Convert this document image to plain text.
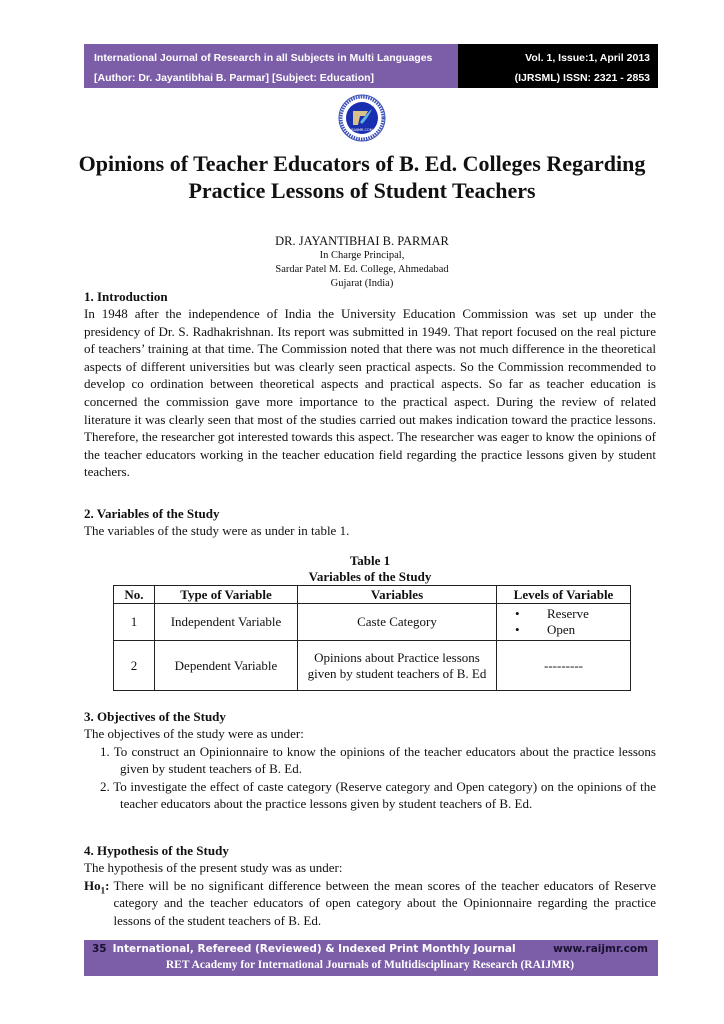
International Journal of Research in all Subjects in Multi Languages
[Author: Dr. Jayantibhai B. Parmar] [Subject: Education]
Vol. 1, Issue:1, April 2013
(IJRSML) ISSN: 2321 - 2853
RAIJMR.COM
Opinions of Teacher Educators of B. Ed. Colleges Regarding
Practice Lessons of Student Teachers
DR. JAYANTIBHAI B. PARMAR
In Charge Principal,
Sardar Patel M. Ed. College, Ahmedabad
Gujarat (India)
1. Introduction

In 1948 after the independence of India the University Education Commission was set up under the presidency of Dr. S. Radhakrishnan. Its report was submitted in 1949. That report focused on the real picture of teachers’ training at that time. The Commission noted that there was not much difference in the theoretical aspects of different universities but was clearly seen practical aspects. So the Commission recommended to develop co ordination between theoretical aspects and practical aspects. So far as teacher education is concerned the commission gave more importance to the practical aspect. During the review of related literature it was clearly seen that most of the studies carried out makes indication toward the practice lessons. Therefore, the researcher got interested towards this aspect. The researcher was eager to know the opinions of the teacher educators working in the teacher education field regarding the practice lessons given by student teachers.

2. Variables of the Study

The variables of the study were as under in table 1.

Table 1
Variables of the Study
No.	Type of Variable	Variables	Levels of Variable
1	Independent Variable	Caste Category	
• Reserve
• Open

2	Dependent Variable	Opinions about Practice lessons given by student teachers of B. Ed	---------
3. Objectives of the Study

The objectives of the study were as under:

1. To construct an Opinionnaire to know the opinions of the teacher educators about the practice lessons given by student teachers of B. Ed.
2. To investigate the effect of caste category (Reserve category and Open category) on the opinions of the teacher educators about the practice lessons given by student teachers of B. Ed.
4. Hypothesis of the Study

The hypothesis of the present study was as under:

$Ho_1$: There will be no significant difference between the mean scores of the teacher educators of Reserve category and the teacher educators of open category about the Opinionnaire regarding the practice lessons of the student teachers of B. Ed.
35 International, Refereed (Reviewed) & Indexed Print Monthly Journal	www.raijmr.com
RET Academy for International Journals of Multidisciplinary Research (RAIJMR)
